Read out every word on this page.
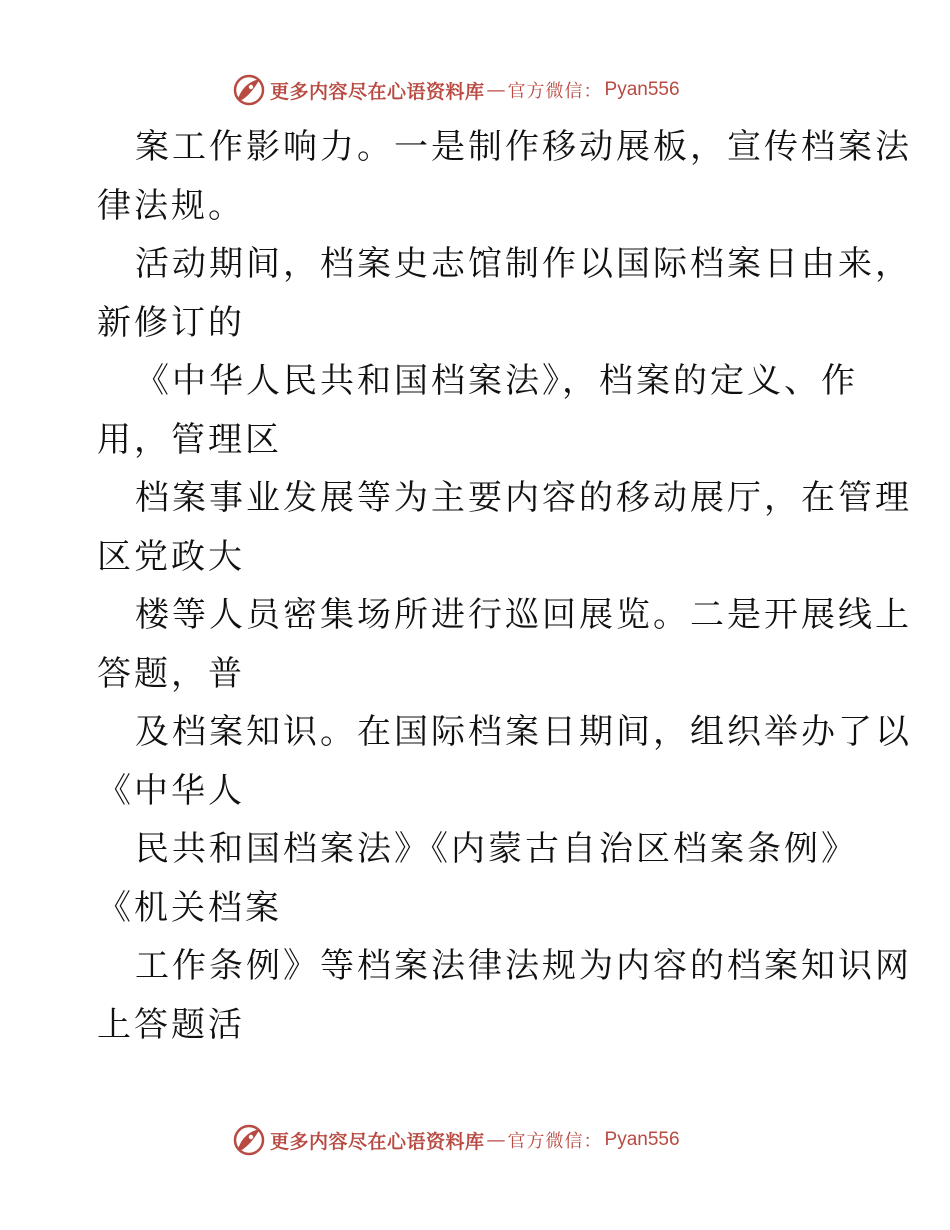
更多内容尽在心语资料库 — 官方微信： Pyan556
案工作影响力。一是制作移动展板，宣传档案法
律法规。
活动期间，档案史志馆制作以国际档案日由来，
新修订的
《中华人民共和国档案法》，档案的定义、作
用，管理区
档案事业发展等为主要内容的移动展厅，在管理
区党政大
楼等人员密集场所进行巡回展览。二是开展线上
答题，普
及档案知识。在国际档案日期间，组织举办了以
《中华人
民共和国档案法》《内蒙古自治区档案条例》
《机关档案
工作条例》等档案法律法规为内容的档案知识网
上答题活
更多内容尽在心语资料库 — 官方微信： Pyan556
